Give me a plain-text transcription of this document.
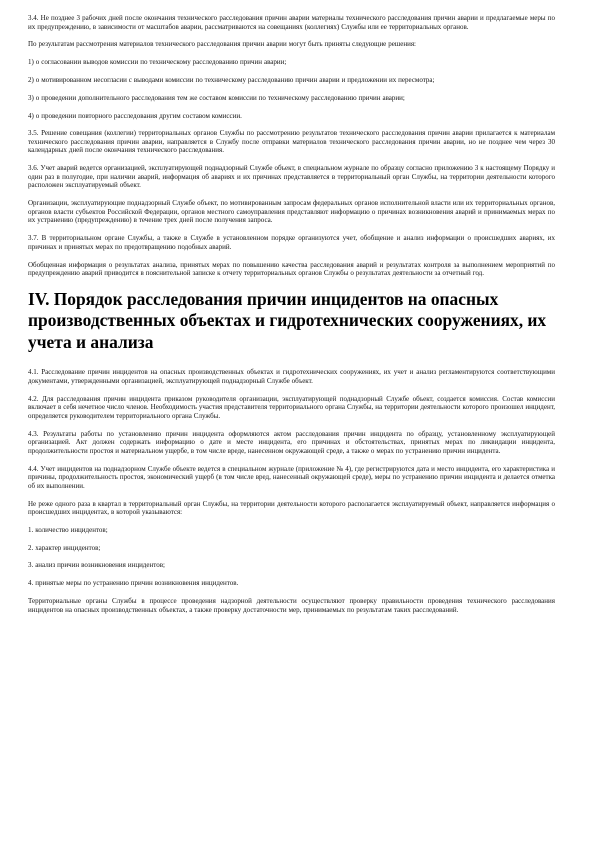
3.4. Не позднее 3 рабочих дней после окончания технического расследования причин аварии материалы технического расследования причин аварии и предлагаемые меры по их предупреждению, в зависимости от масштабов аварии, рассматриваются на совещаниях (коллегиях) Службы или ее территориальных органов.

По результатам рассмотрения материалов технического расследования причин аварии могут быть приняты следующие решения:

1) о согласовании выводов комиссии по техническому расследованию причин аварии;

2) о мотивированном несогласии с выводами комиссии по техническому расследованию причин аварии и предложении их пересмотра;

3) о проведении дополнительного расследования тем же составом комиссии по техническому расследованию причин аварии;

4) о проведении повторного расследования другим составом комиссии.

3.5. Решение совещания (коллегии) территориальных органов Службы по рассмотрению результатов технического расследования причин аварии прилагается к материалам технического расследования причин аварии, направляется в Службу после отправки материалов технического расследования причин аварии, но не позднее чем через 30 календарных дней после окончания технического расследования.

3.6. Учет аварий ведется организацией, эксплуатирующей поднадзорный Службе объект, в специальном журнале по образцу согласно приложению 3 к настоящему Порядку и один раз в полугодие, при наличии аварий, информация об авариях и их причинах представляется в территориальный орган Службы, на территории деятельности которого расположен эксплуатируемый объект.

Организации, эксплуатирующие поднадзорный Службе объект, по мотивированным запросам федеральных органов исполнительной власти или их территориальных органов, органов власти субъектов Российской Федерации, органов местного самоуправления представляют информацию о причинах возникновения аварий и принимаемых мерах по их устранению (предупреждению) в течение трех дней после получения запроса.

3.7. В территориальном органе Службы, а также в Службе в установленном порядке организуются учет, обобщение и анализ информации о происшедших авариях, их причинах и принятых мерах по предотвращению подобных аварий.

Обобщенная информация о результатах анализа, принятых мерах по повышению качества расследования аварий и результатах контроля за выполнением мероприятий по предупреждению аварий приводится в пояснительной записке к отчету территориальных органов Службы о результатах деятельности за отчетный год.

IV. Порядок расследования причин инцидентов на опасных производственных объектах и гидротехнических сооружениях, их учета и анализа

4.1. Расследование причин инцидентов на опасных производственных объектах и гидротехнических сооружениях, их учет и анализ регламентируются соответствующими документами, утвержденными организацией, эксплуатирующей поднадзорный Службе объект.

4.2. Для расследования причин инцидента приказом руководителя организации, эксплуатирующей поднадзорный Службе объект, создается комиссия. Состав комиссии включает в себя нечетное число членов. Необходимость участия представителя территориального органа Службы, на территории деятельности которого произошел инцидент, определяется руководителем территориального органа Службы.

4.3. Результаты работы по установлению причин инцидента оформляются актом расследования причин инцидента по образцу, установленному эксплуатирующей организацией. Акт должен содержать информацию о дате и месте инцидента, его причинах и обстоятельствах, принятых мерах по ликвидации инцидента, продолжительности простоя и материальном ущербе, в том числе вреде, нанесенном окружающей среде, а также о мерах по устранению причин инцидента.

4.4. Учет инцидентов на поднадзорном Службе объекте ведется в специальном журнале (приложение № 4), где регистрируются дата и место инцидента, его характеристика и причины, продолжительность простоя, экономический ущерб (в том числе вред, нанесенный окружающей среде), меры по устранению причин инцидента и делается отметка об их выполнении.

Не реже одного раза в квартал в территориальный орган Службы, на территории деятельности которого располагается эксплуатируемый объект, направляется информация о происшедших инцидентах, в которой указываются:

1. количество инцидентов;

2. характер инцидентов;

3. анализ причин возникновения инцидентов;

4. принятые меры по устранению причин возникновения инцидентов.

Территориальные органы Службы в процессе проведения надзорной деятельности осуществляют проверку правильности проведения технического расследования инцидентов на опасных производственных объектах, а также проверку достаточности мер, принимаемых по результатам таких расследований.
